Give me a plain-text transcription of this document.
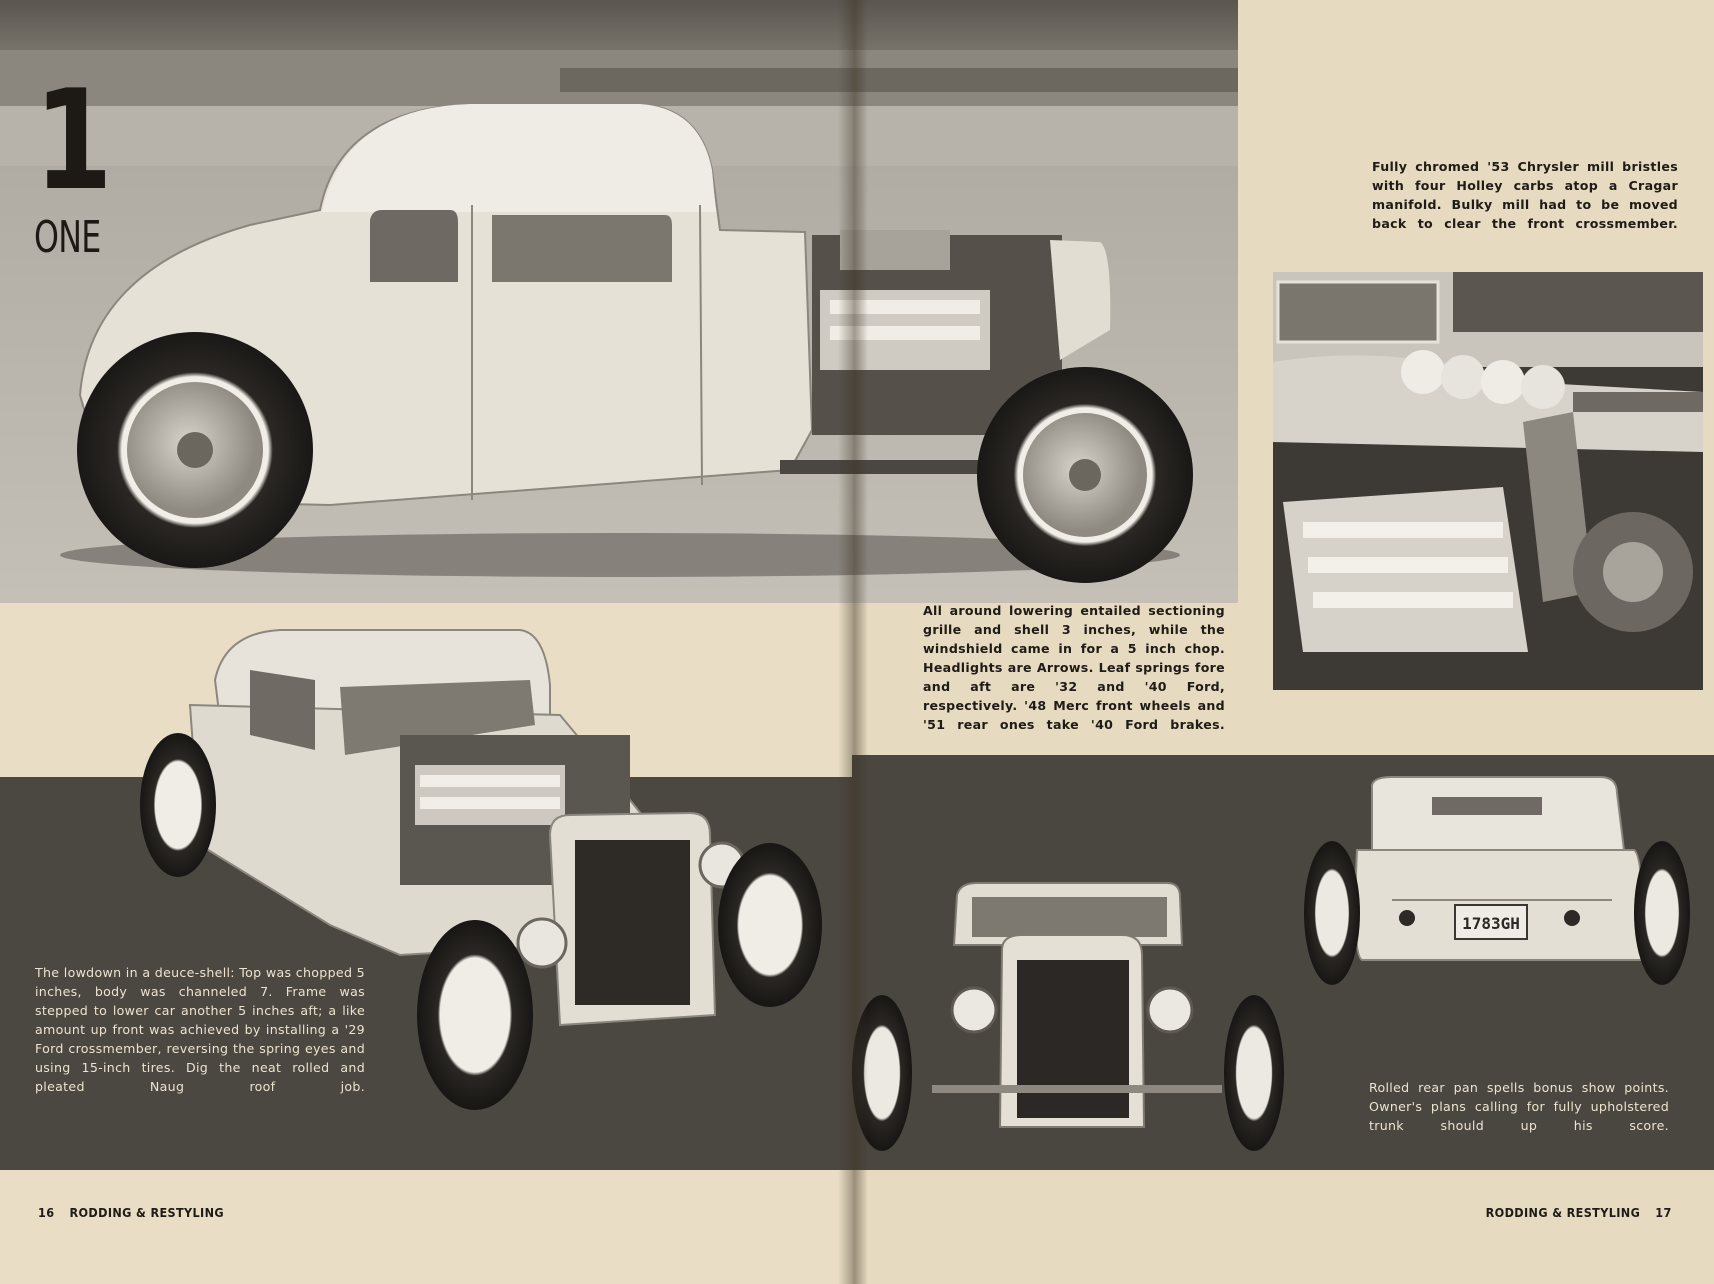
1
ONE
1783GH

Fully chromed '53 Chrysler mill bristles with four Holley carbs atop a Cragar manifold. Bulky mill had to be moved back to clear the front crossmember.

All around lowering entailed sectioning grille and shell 3 inches, while the windshield came in for a 5 inch chop. Headlights are Arrows. Leaf springs fore and aft are '32 and '40 Ford, respectively. '48 Merc front wheels and '51 rear ones take '40 Ford brakes.

The lowdown in a deuce-shell: Top was chopped 5 inches, body was channeled 7. Frame was stepped to lower car another 5 inches aft; a like amount up front was achieved by installing a '29 Ford crossmember, reversing the spring eyes and using 15-inch tires. Dig the neat rolled and pleated Naug roof job.	Rolled rear pan spells bonus show points. Owner's plans calling for fully upholstered trunk should up his score.

16 RODDING & RESTYLING	RODDING & RESTYLING 17
